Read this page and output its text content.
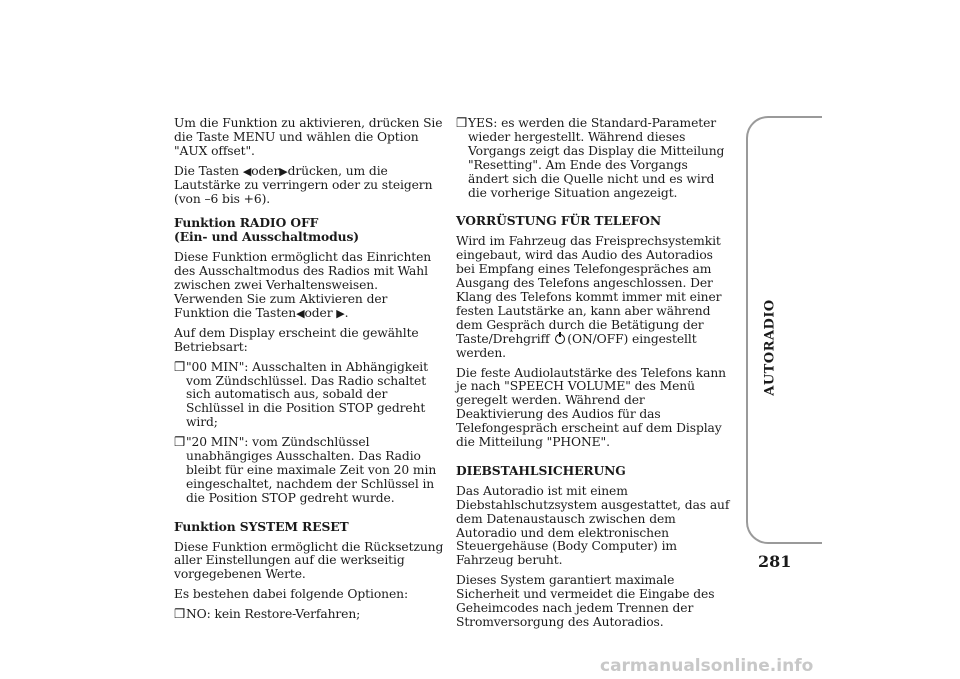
Um die Funktion zu aktivieren, drücken Sie die Taste MENU und wählen die Option "AUX offset".

Die Tasten ◀oder▶drücken, um die Lautstärke zu verringern oder zu steigern (von –6 bis +6).

Funktion RADIO OFF
(Ein- und Ausschaltmodus)

Diese Funktion ermöglicht das Einrichten des Ausschaltmodus des Radios mit Wahl zwischen zwei Verhaltensweisen. Verwenden Sie zum Aktivieren der Funktion die Tasten◀oder ▶.

Auf dem Display erscheint die gewählte Betriebsart:

❒ "00 MIN": Ausschalten in Abhängigkeit vom Zündschlüssel. Das Radio schaltet sich automatisch aus, sobald der Schlüssel in die Position STOP gedreht wird;
❒ "20 MIN": vom Zündschlüssel unabhängiges Ausschalten. Das Radio bleibt für eine maximale Zeit von 20 min eingeschaltet, nachdem der Schlüssel in die Position STOP gedreht wurde.
Funktion SYSTEM RESET

Diese Funktion ermöglicht die Rücksetzung aller Einstellungen auf die werkseitig vorgegebenen Werte.

Es bestehen dabei folgende Optionen:

❒ NO: kein Restore-Verfahren;
❒ YES: es werden die Standard-Parameter wieder hergestellt. Während dieses Vorgangs zeigt das Display die Mitteilung "Resetting". Am Ende des Vorgangs ändert sich die Quelle nicht und es wird die vorherige Situation angezeigt.
VORRÜSTUNG FÜR TELEFON

Wird im Fahrzeug das Freisprechsystemkit eingebaut, wird das Audio des Autoradios bei Empfang eines Telefongespräches am Ausgang des Telefons angeschlossen. Der Klang des Telefons kommt immer mit einer festen Lautstärke an, kann aber während dem Gespräch durch die Betätigung der Taste/Drehgriff (ON/OFF) eingestellt werden.

Die feste Audiolautstärke des Telefons kann je nach "SPEECH VOLUME" des Menü geregelt werden. Während der Deaktivierung des Audios für das Telefongespräch erscheint auf dem Display die Mitteilung "PHONE".

DIEBSTAHLSICHERUNG

Das Autoradio ist mit einem Diebstahlschutzsystem ausgestattet, das auf dem Datenaustausch zwischen dem Autoradio und dem elektronischen Steuergehäuse (Body Computer) im Fahrzeug beruht.

Dieses System garantiert maximale Sicherheit und vermeidet die Eingabe des Geheimcodes nach jedem Trennen der Stromversorgung des Autoradios.

AUTORADIO
281
carmanualsonline.info
